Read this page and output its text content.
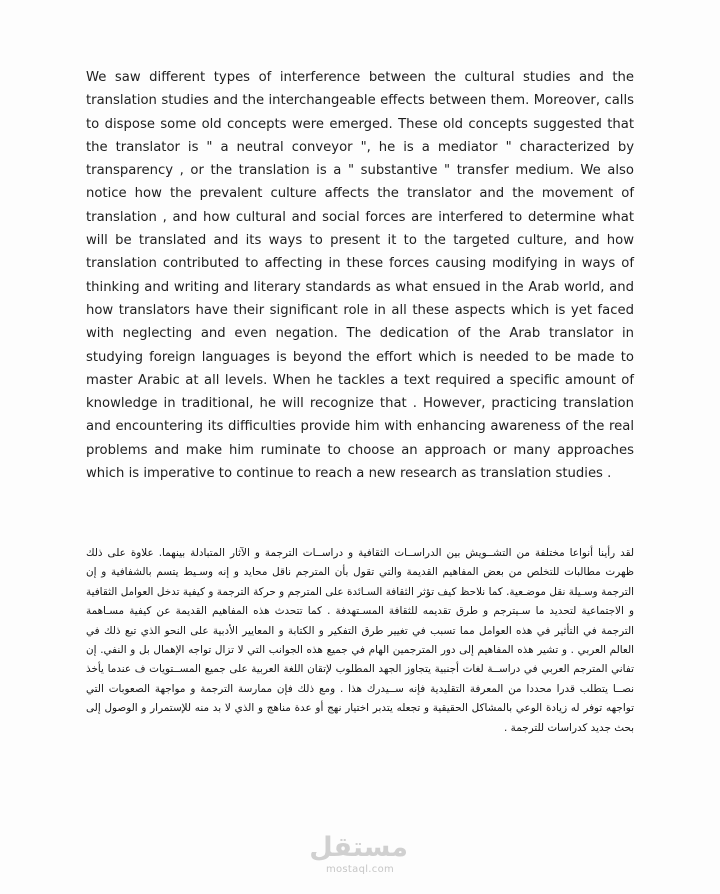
We saw different types of interference between the cultural studies and the translation studies and the interchangeable effects between them. Moreover, calls to dispose some old concepts were emerged. These old concepts suggested that the translator is " a neutral conveyor ", he is a mediator " characterized by transparency , or the translation is a " substantive " transfer medium. We also notice how the prevalent culture affects the translator and the movement of translation , and how cultural and social forces are interfered to determine what will be translated and its ways to present it to the targeted culture, and how translation contributed to affecting in these forces causing modifying in ways of thinking and writing and literary standards as what ensued in the Arab world, and how translators have their significant role in all these aspects which is yet faced with neglecting and even negation. The dedication of the Arab translator in studying foreign languages is beyond the effort which is needed to be made to master Arabic at all levels. When he tackles a text required a specific amount of knowledge in traditional, he will recognize that . However, practicing translation and encountering its difficulties provide him with enhancing awareness of the real problems and make him ruminate to choose an approach or many approaches which is imperative to continue to reach a new research as translation studies .

لقد رأينا أنواعا مختلفة من التشــويش بين الدراســات الثقافية و دراســات الترجمة و الآثار المتبادلة بينهما. علاوة على ذلك ظهرت مطالبات للتخلص من بعض المفاهيم القديمة والتي تقول بأن المترجم ناقل محايد و إنه وسـيط يتسم بالشفافية و إن الترجمة وسـيلة نقل موضـعية. كما نلاحظ كيف تؤثر الثقافة السـائدة على المترجم و حركة الترجمة و كيفية تدخل العوامل الثقافية و الاجتماعية لتحديد ما سـيترجم و طرق تقديمه للثقافة المسـتهدفة . كما تتحدث هذه المفاهيم القديمة عن كيفية مسـاهمة الترجمة في التأثير في هذه العوامل مما تسبب في تغيير طرق التفكير و الكتابة و المعايير الأدبية على النحو الذي تبع ذلك في العالم العربي . و تشير هذه المفاهيم إلى دور المترجمين الهام في جميع هذه الجوانب التي لا تزال تواجه الإهمال بل و النفي. إن تفاني المترجم العربي في دراســة لغات أجنبية يتجاوز الجهد المطلوب لإتقان اللغة العربية على جميع المســتويات ف عندما يأخذ نصــا يتطلب قدرا محددا من المعرفة التقليدية فإنه ســيدرك هذا . ومع ذلك فإن ممارسة الترجمة و مواجهة الصعوبات التي تواجهه توفر له زيادة الوعي بالمشاكل الحقيقية و تجعله يتدبر اختيار نهج أو عدة مناهج و الذي لا بد منه للإستمرار و الوصول إلى بحث جديد كدراسات للترجمة .

مستقل
mostaql.com
